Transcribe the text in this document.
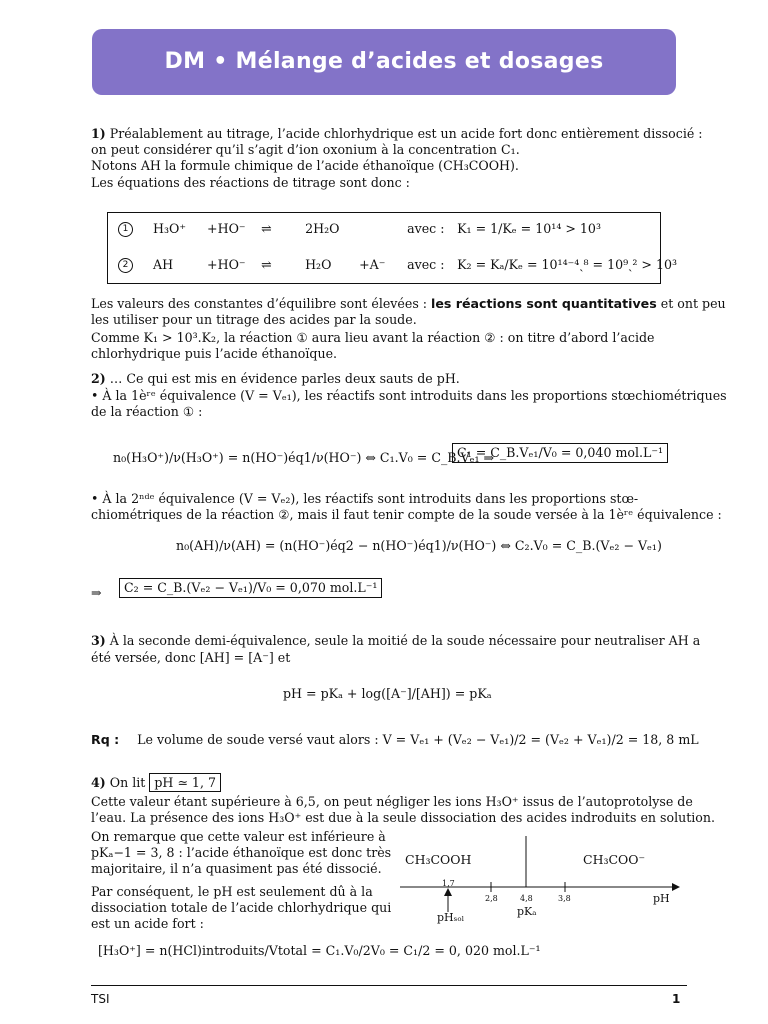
DM • Mélange d’acides et dosages
1) Préalablement au titrage, l’acide chlorhydrique est un acide fort donc entièrement dissocié :
on peut considérer qu’il s’agit d’ion oxonium à la concentration C₁.
Notons AH la formule chimique de l’acide éthanoïque (CH₃COOH).
Les équations des réactions de titrage sont donc :
1 H₃O⁺ +HO⁻ ⇌	2H₂O	avec : K₁ = 1/Kₑ = 10¹⁴ > 10³
2 AH	+HO⁻ ⇌	H₂O +A⁻ avec : K₂ = Kₐ/Kₑ = 10¹⁴⁻⁴ˎ⁸ = 10⁹ˎ² > 10³
Les valeurs des constantes d’équilibre sont élevées : les réactions sont quantitatives et ont peu
les utiliser pour un titrage des acides par la soude.
Comme K₁ > 10³.K₂, la réaction ① aura lieu avant la réaction ② : on titre d’abord l’acide
chlorhydrique puis l’acide éthanoïque.
2) … Ce qui est mis en évidence parles deux sauts de pH.
• À la 1èʳᵉ équivalence (V = Vₑ₁), les réactifs sont introduits dans les proportions stœchiométriques
de la réaction ① :
n₀(H₃O⁺)/ν(H₃O⁺) = n(HO⁻)éq1/ν(HO⁻) ⇔ C₁.V₀ = C_B.Vₑ₁ ⇒
C₁ = C_B.Vₑ₁/V₀ = 0,040 mol.L⁻¹
• À la 2ⁿᵈᵉ équivalence (V = Vₑ₂), les réactifs sont introduits dans les proportions stœ-
chiométriques de la réaction ②, mais il faut tenir compte de la soude versée à la 1èʳᵉ équivalence :
n₀(AH)/ν(AH) = (n(HO⁻)éq2 − n(HO⁻)éq1)/ν(HO⁻) ⇔ C₂.V₀ = C_B.(Vₑ₂ − Vₑ₁)
⇒	C₂ = C_B.(Vₑ₂ − Vₑ₁)/V₀ = 0,070 mol.L⁻¹
3) À la seconde demi-équivalence, seule la moitié de la soude nécessaire pour neutraliser AH a
été versée, donc [AH] = [A⁻] et
pH = pKₐ + log([A⁻]/[AH]) = pKₐ
Rq : Le volume de soude versé vaut alors : V = Vₑ₁ + (Vₑ₂ − Vₑ₁)/2 = (Vₑ₂ + Vₑ₁)/2 = 18, 8 mL
4) On lit pH ≃ 1, 7
Cette valeur étant supérieure à 6,5, on peut négliger les ions H₃O⁺ issus de l’autoprotolyse de
l’eau. La présence des ions H₃O⁺ est due à la seule dissociation des acides indroduits en solution.
On remarque que cette valeur est inférieure à
pKₐ−1 = 3, 8 : l’acide éthanoïque est donc très
majoritaire, il n’a quasiment pas été dissocié.
Par conséquent, le pH est seulement dû à la
dissociation totale de l’acide chlorhydrique qui
est un acide fort :
CH₃COOH	CH₃COO⁻
1,7
2,8	4,8	3,8	pH
pKₐ
pHₛₒₗ
[H₃O⁺] = n(HCl)introduits/Vtotal = C₁.V₀/2V₀ = C₁/2 = 0, 020 mol.L⁻¹
TSI	1
